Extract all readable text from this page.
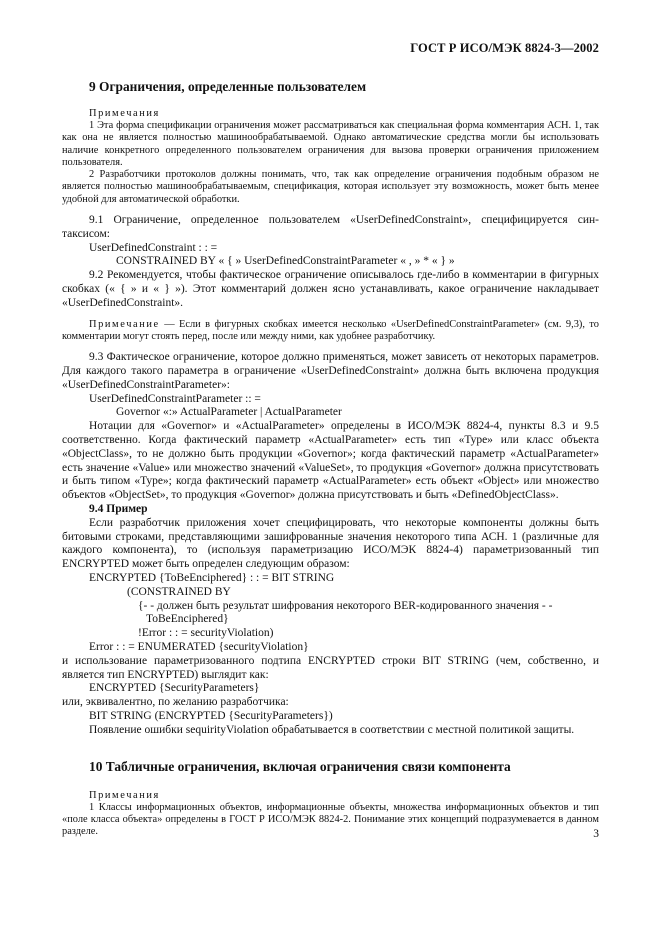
ГОСТ Р ИСО/МЭК 8824-3—2002
9 Ограничения, определенные пользователем
Примечания

1 Эта форма спецификации ограничения может рассматриваться как специальная форма комментария АСН. 1, так как она не является полностью машинообрабатываемой. Однако автоматические средства могли бы использовать наличие конкретного определенного пользователем ограничения для вызова проверки ограничения приложением пользователя.

2 Разработчики протоколов должны понимать, что, так как определение ограничения подобным образом не является полностью машинообрабатываемым, спецификация, которая использует эту возможность, может быть менее удобной для автоматической обработки.

9.1 Ограничение, определенное пользователем «UserDefinedConstraint», специфицируется синтаксисом:

UserDefinedConstraint : : =
CONSTRAINED BY « { » UserDefinedConstraintParameter « , » * « } »

9.2 Рекомендуется, чтобы фактическое ограничение описывалось где-либо в комментарии в фигурных скобках (« { » и « } »). Этот комментарий должен ясно устанавливать, какое ограничение накладывает «UserDefinedConstraint».

Примечание — Если в фигурных скобках имеется несколько «UserDefinedConstraintParameter» (см. 9,3), то комментарии могут стоять перед, после или между ними, как удобнее разработчику.

9.3 Фактическое ограничение, которое должно применяться, может зависеть от некоторых параметров. Для каждого такого параметра в ограничение «UserDefinedConstraint» должна быть включена продукция «UserDefinedConstraintParameter»:

UserDefinedConstraintParameter :: =
Governor «:» ActualParameter | ActualParameter

Нотации для «Governor» и «ActualParameter» определены в ИСО/МЭК 8824-4, пункты 8.3 и 9.5 соответственно. Когда фактический параметр «ActualParameter» есть тип «Type» или класс объекта «ObjectClass», то не должно быть продукции «Governor»; когда фактический параметр «ActualParameter» есть значение «Value» или множество значений «ValueSet», то продукция «Governor» должна присутствовать и быть типом «Type»; когда фактический параметр «ActualParameter» есть объект «Object» или множество объектов «ObjectSet», то продукция «Governor» должна присутствовать и быть «DefinedObjectClass».

9.4 Пример

Если разработчик приложения хочет специфицировать, что некоторые компоненты должны быть битовыми строками, представляющими зашифрованные значения некоторого типа АСН. 1 (различные для каждого компонента), то (используя параметризацию ИСО/МЭК 8824-4) параметризованный тип ENCRYPTED может быть определен следующим образом:

ENCRYPTED {ToBeEnciphered} : : = BIT STRING
(CONSTRAINED BY
{- - должен быть результат шифрования некоторого BER-кодированного значения - -
ToBeEnciphered}
!Error : : = securityViolation)
Error : : = ENUMERATED {securityViolation}

и использование параметризованного подтипа ENCRYPTED строки BIT STRING (чем, собственно, и является тип ENCRYPTED) выглядит как:

ENCRYPTED {SecurityParameters}
или, эквивалентно, по желанию разработчика:
BIT STRING (ENCRYPTED {SecurityParameters})

Появление ошибки sequirityViolation обрабатывается в соответствии с местной политикой защиты.

10 Табличные ограничения, включая ограничения связи компонента
Примечания

1 Классы информационных объектов, информационные объекты, множества информационных объектов и тип «поле класса объекта» определены в ГОСТ Р ИСО/МЭК 8824-2. Понимание этих концепций подразумевается в данном разделе.	3
